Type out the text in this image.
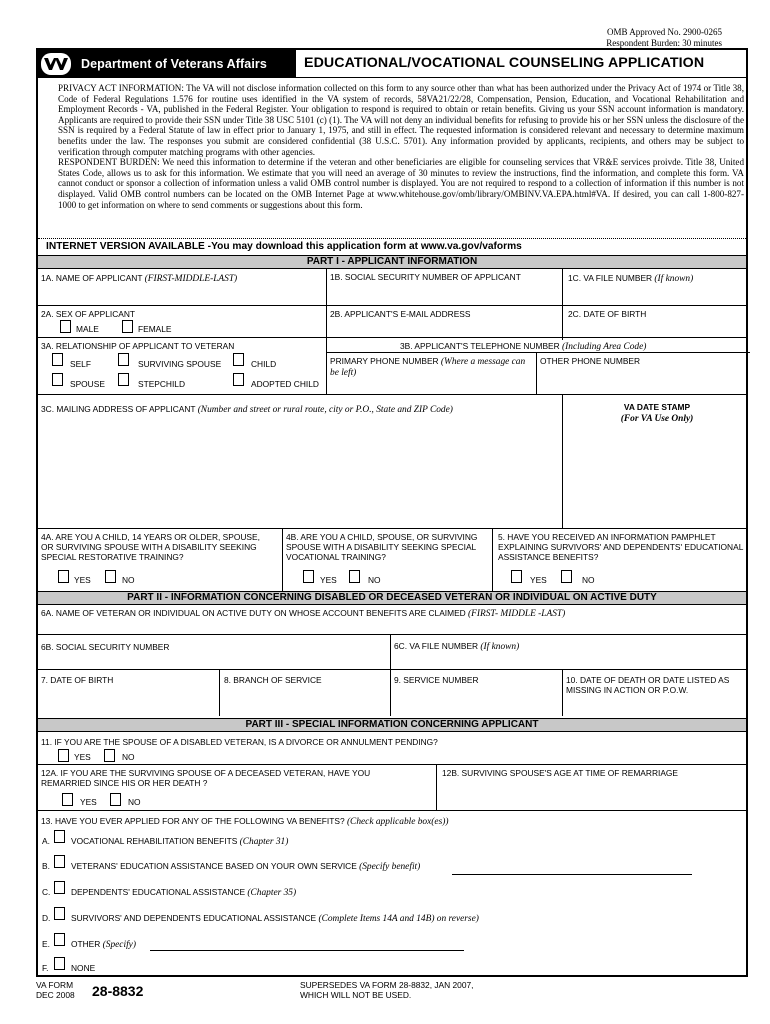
OMB Approved No. 2900-0265
Respondent Burden: 30 minutes
Department of Veterans Affairs	EDUCATIONAL/VOCATIONAL COUNSELING APPLICATION

PRIVACY ACT INFORMATION: The VA will not disclose information collected on this form to any source other than what has been authorized under the Privacy Act of 1974 or Title 38, Code of Federal Regulations 1.576 for routine uses identified in the VA system of records, 58VA21/22/28, Compensation, Pension, Education, and Vocational Rehabilitation and Employment Records - VA, published in the Federal Register. Your obligation to respond is required to obtain or retain benefits. Giving us your SSN account information is mandatory. Applicants are required to provide their SSN under Title 38 USC 5101 (c) (1). The VA will not deny an individual benefits for refusing to provide his or her SSN unless the disclosure of the SSN is required by a Federal Statute of law in effect prior to January 1, 1975, and still in effect. The requested information is considered relevant and necessary to determine maximum benefits under the law. The responses you submit are considered confidential (38 U.S.C. 5701). Any information provided by applicants, recipients, and others may be subject to verification through computer matching programs with other agencies.

RESPONDENT BURDEN: We need this information to determine if the veteran and other beneficiaries are eligible for counseling services that VR&E services proivde. Title 38, United States Code, allows us to ask for this information. We estimate that you will need an average of 30 minutes to review the instructions, find the information, and complete this form. VA cannot conduct or sponsor a collection of information unless a valid OMB control number is displayed. You are not required to respond to a collection of information if this number is not displayed. Valid OMB control numbers can be located on the OMB Internet Page at www.whitehouse.gov/omb/library/OMBINV.VA.EPA.html#VA. If desired, you can call 1-800-827-1000 to get information on where to send comments or suggestions about this form.

INTERNET VERSION AVAILABLE -You may download this application form at www.va.gov/vaforms
PART I - APPLICANT INFORMATION
1A. NAME OF APPLICANT (FIRST-MIDDLE-LAST)	1B. SOCIAL SECURITY NUMBER OF APPLICANT	1C. VA FILE NUMBER (If known)
2A. SEX OF APPLICANT
MALE	FEMALE
2B. APPLICANT'S E-MAIL ADDRESS	2C. DATE OF BIRTH
3A. RELATIONSHIP OF APPLICANT TO VETERAN
SELF	SURVIVING SPOUSE	CHILD
SPOUSE	STEPCHILD	ADOPTED CHILD
3B. APPLICANT'S TELEPHONE NUMBER (Including Area Code)
PRIMARY PHONE NUMBER (Where a message can be left)
OTHER PHONE NUMBER
3C. MAILING ADDRESS OF APPLICANT (Number and street or rural route, city or P.O., State and ZIP Code)	VA DATE STAMP
(For VA Use Only)
4A. ARE YOU A CHILD, 14 YEARS OR OLDER, SPOUSE, OR SURVIVING SPOUSE WITH A DISABILITY SEEKING SPECIAL RESTORATIVE TRAINING?
YES	NO
4B. ARE YOU A CHILD, SPOUSE, OR SURVIVING SPOUSE WITH A DISABILITY SEEKING SPECIAL VOCATIONAL TRAINING?
YES	NO
5. HAVE YOU RECEIVED AN INFORMATION PAMPHLET EXPLAINING SURVIVORS' AND DEPENDENTS' EDUCATIONAL ASSISTANCE BENEFITS?
YES	NO
PART II - INFORMATION CONCERNING DISABLED OR DECEASED VETERAN OR INDIVIDUAL ON ACTIVE DUTY
6A. NAME OF VETERAN OR INDIVIDUAL ON ACTIVE DUTY ON WHOSE ACCOUNT BENEFITS ARE CLAIMED (FIRST- MIDDLE -LAST)
6B. SOCIAL SECURITY NUMBER	6C. VA FILE NUMBER (If known)
7. DATE OF BIRTH	8. BRANCH OF SERVICE	9. SERVICE NUMBER	10. DATE OF DEATH OR DATE LISTED AS MISSING IN ACTION OR P.O.W.
PART III - SPECIAL INFORMATION CONCERNING APPLICANT
11. IF YOU ARE THE SPOUSE OF A DISABLED VETERAN, IS A DIVORCE OR ANNULMENT PENDING?
YES	NO
12A. IF YOU ARE THE SURVIVING SPOUSE OF A DECEASED VETERAN, HAVE YOU REMARRIED SINCE HIS OR HER DEATH ?
YES	NO
12B. SURVIVING SPOUSE'S AGE AT TIME OF REMARRIAGE
13. HAVE YOU EVER APPLIED FOR ANY OF THE FOLLOWING VA BENEFITS? (Check applicable box(es))
A.	VOCATIONAL REHABILITATION BENEFITS (Chapter 31)
B.	VETERANS' EDUCATION ASSISTANCE BASED ON YOUR OWN SERVICE (Specify benefit)
C. DEPENDENTS' EDUCATIONAL ASSISTANCE (Chapter 35)
D. SURVIVORS' AND DEPENDENTS EDUCATIONAL ASSISTANCE (Complete Items 14A and 14B) on reverse)
E.	OTHER (Specify)
F.	NONE
VA FORM
DEC 2008 28-8832	SUPERSEDES VA FORM 28-8832, JAN 2007,
WHICH WILL NOT BE USED.
